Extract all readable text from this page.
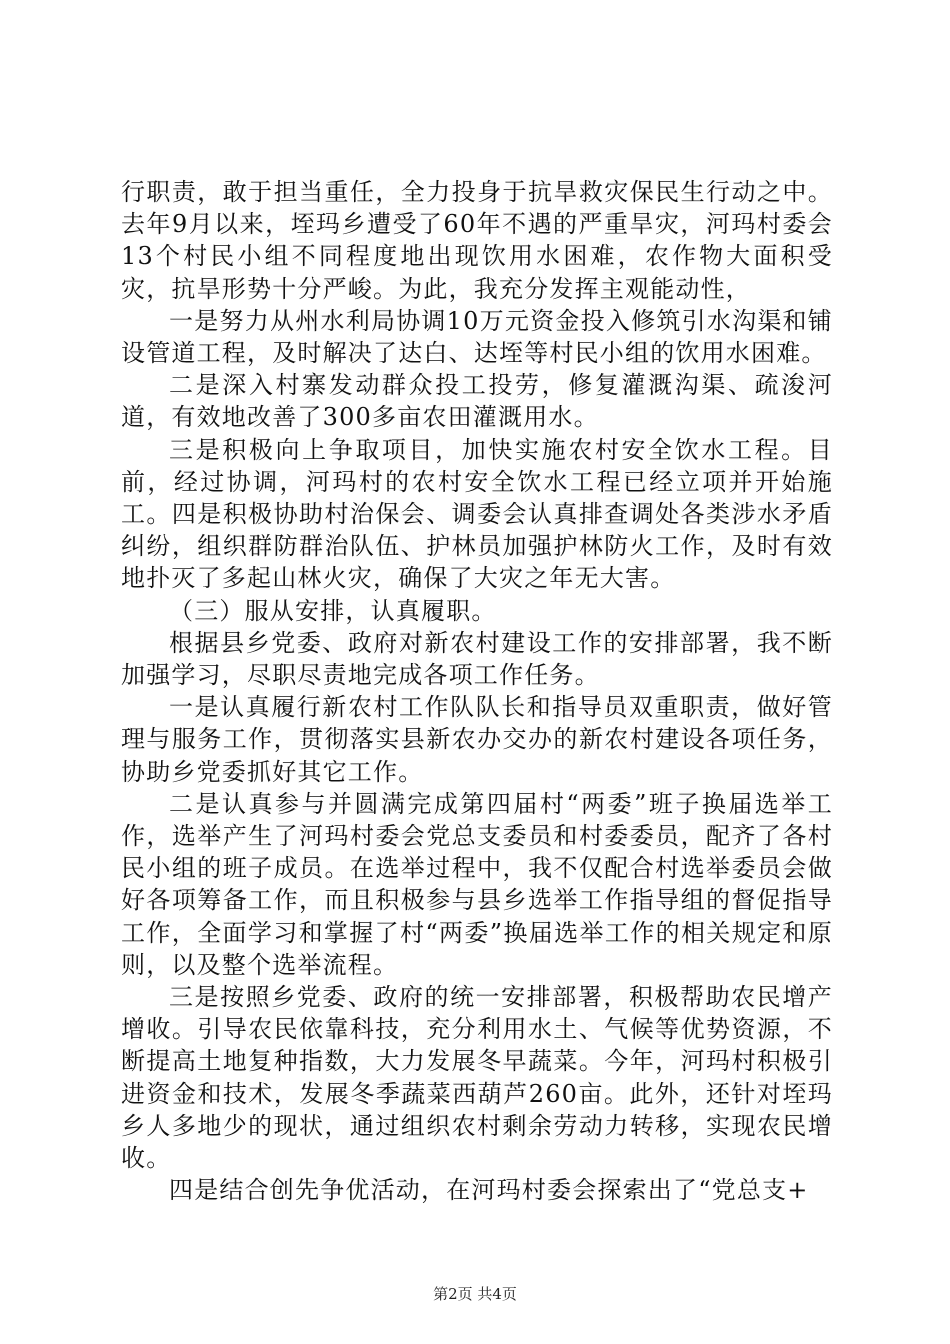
行职责，敢于担当重任，全力投身于抗旱救灾保民生行动之中。去年9月以来，垤玛乡遭受了60年不遇的严重旱灾，河玛村委会13个村民小组不同程度地出现饮用水困难，农作物大面积受灾，抗旱形势十分严峻。为此，我充分发挥主观能动性，

一是努力从州水利局协调10万元资金投入修筑引水沟渠和铺设管道工程，及时解决了达白、达垤等村民小组的饮用水困难。

二是深入村寨发动群众投工投劳，修复灌溉沟渠、疏浚河道，有效地改善了300多亩农田灌溉用水。

三是积极向上争取项目，加快实施农村安全饮水工程。目前，经过协调，河玛村的农村安全饮水工程已经立项并开始施工。四是积极协助村治保会、调委会认真排查调处各类涉水矛盾纠纷，组织群防群治队伍、护林员加强护林防火工作，及时有效地扑灭了多起山林火灾，确保了大灾之年无大害。

（三）服从安排，认真履职。

根据县乡党委、政府对新农村建设工作的安排部署，我不断加强学习，尽职尽责地完成各项工作任务。

一是认真履行新农村工作队队长和指导员双重职责，做好管理与服务工作，贯彻落实县新农办交办的新农村建设各项任务，协助乡党委抓好其它工作。

二是认真参与并圆满完成第四届村“两委”班子换届选举工作，选举产生了河玛村委会党总支委员和村委委员，配齐了各村民小组的班子成员。在选举过程中，我不仅配合村选举委员会做好各项筹备工作，而且积极参与县乡选举工作指导组的督促指导工作，全面学习和掌握了村“两委”换届选举工作的相关规定和原则，以及整个选举流程。

三是按照乡党委、政府的统一安排部署，积极帮助农民增产增收。引导农民依靠科技，充分利用水土、气候等优势资源，不断提高土地复种指数，大力发展冬早蔬菜。今年，河玛村积极引进资金和技术，发展冬季蔬菜西葫芦260亩。此外，还针对垤玛乡人多地少的现状，通过组织农村剩余劳动力转移，实现农民增收。

四是结合创先争优活动，在河玛村委会探索出了“党总支+

第2页 共4页
